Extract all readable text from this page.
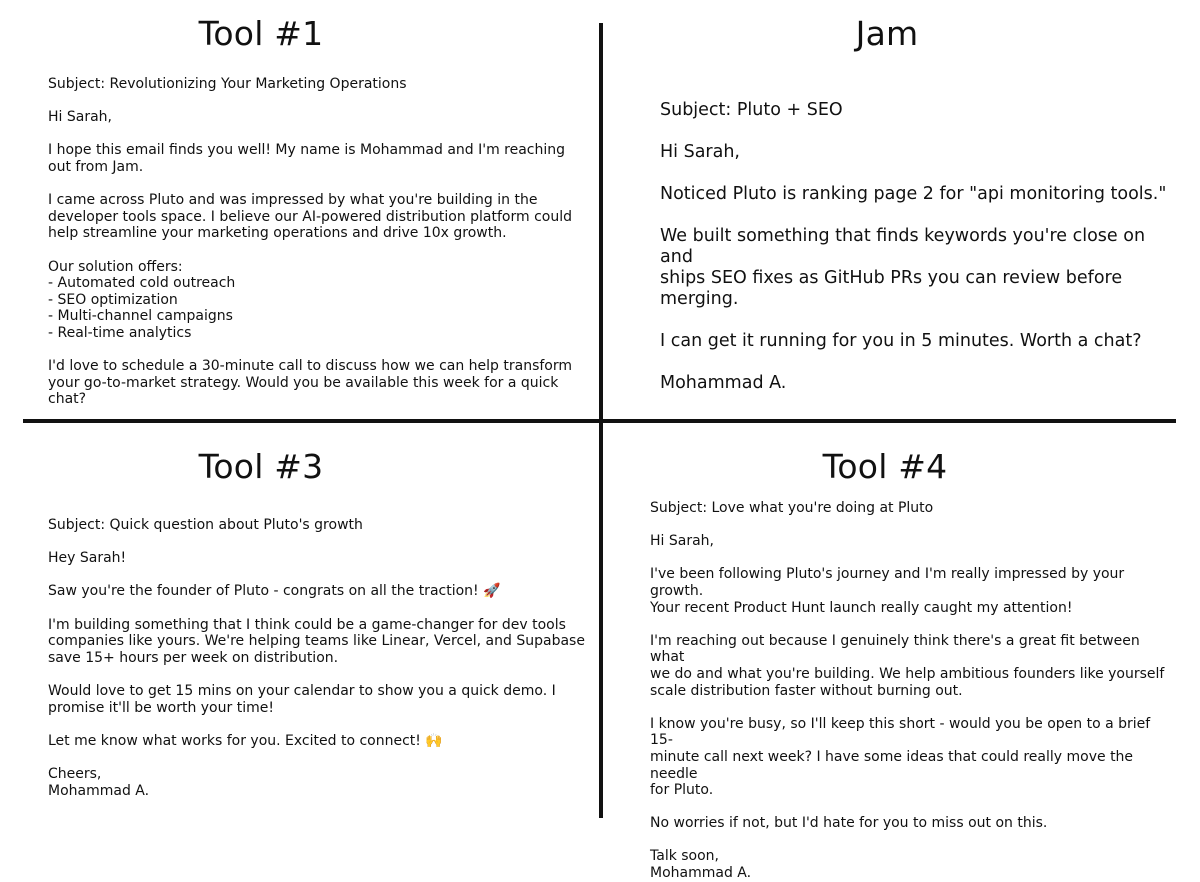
Tool #1

Subject: Revolutionizing Your Marketing Operations

Hi Sarah,

I hope this email finds you well! My name is Mohammad and I'm reaching
out from Jam.

I came across Pluto and was impressed by what you're building in the
developer tools space. I believe our AI-powered distribution platform could
help streamline your marketing operations and drive 10x growth.

Our solution offers:
- Automated cold outreach
- SEO optimization
- Multi-channel campaigns
- Real-time analytics

I'd love to schedule a 30-minute call to discuss how we can help transform
your go-to-market strategy. Would you be available this week for a quick
chat?

Jam

Subject: Pluto + SEO

Hi Sarah,

Noticed Pluto is ranking page 2 for "api monitoring tools."

We built something that finds keywords you're close on and
ships SEO fixes as GitHub PRs you can review before
merging.

I can get it running for you in 5 minutes. Worth a chat?

Mohammad A.

Tool #3

Subject: Quick question about Pluto's growth

Hey Sarah!

Saw you're the founder of Pluto - congrats on all the traction! 🚀

I'm building something that I think could be a game-changer for dev tools
companies like yours. We're helping teams like Linear, Vercel, and Supabase
save 15+ hours per week on distribution.

Would love to get 15 mins on your calendar to show you a quick demo. I
promise it'll be worth your time!

Let me know what works for you. Excited to connect! 🙌

Cheers,
Mohammad A.

Tool #4

Subject: Love what you're doing at Pluto

Hi Sarah,

I've been following Pluto's journey and I'm really impressed by your growth.
Your recent Product Hunt launch really caught my attention!

I'm reaching out because I genuinely think there's a great fit between what
we do and what you're building. We help ambitious founders like yourself
scale distribution faster without burning out.

I know you're busy, so I'll keep this short - would you be open to a brief 15-
minute call next week? I have some ideas that could really move the needle
for Pluto.

No worries if not, but I'd hate for you to miss out on this.

Talk soon,
Mohammad A.
